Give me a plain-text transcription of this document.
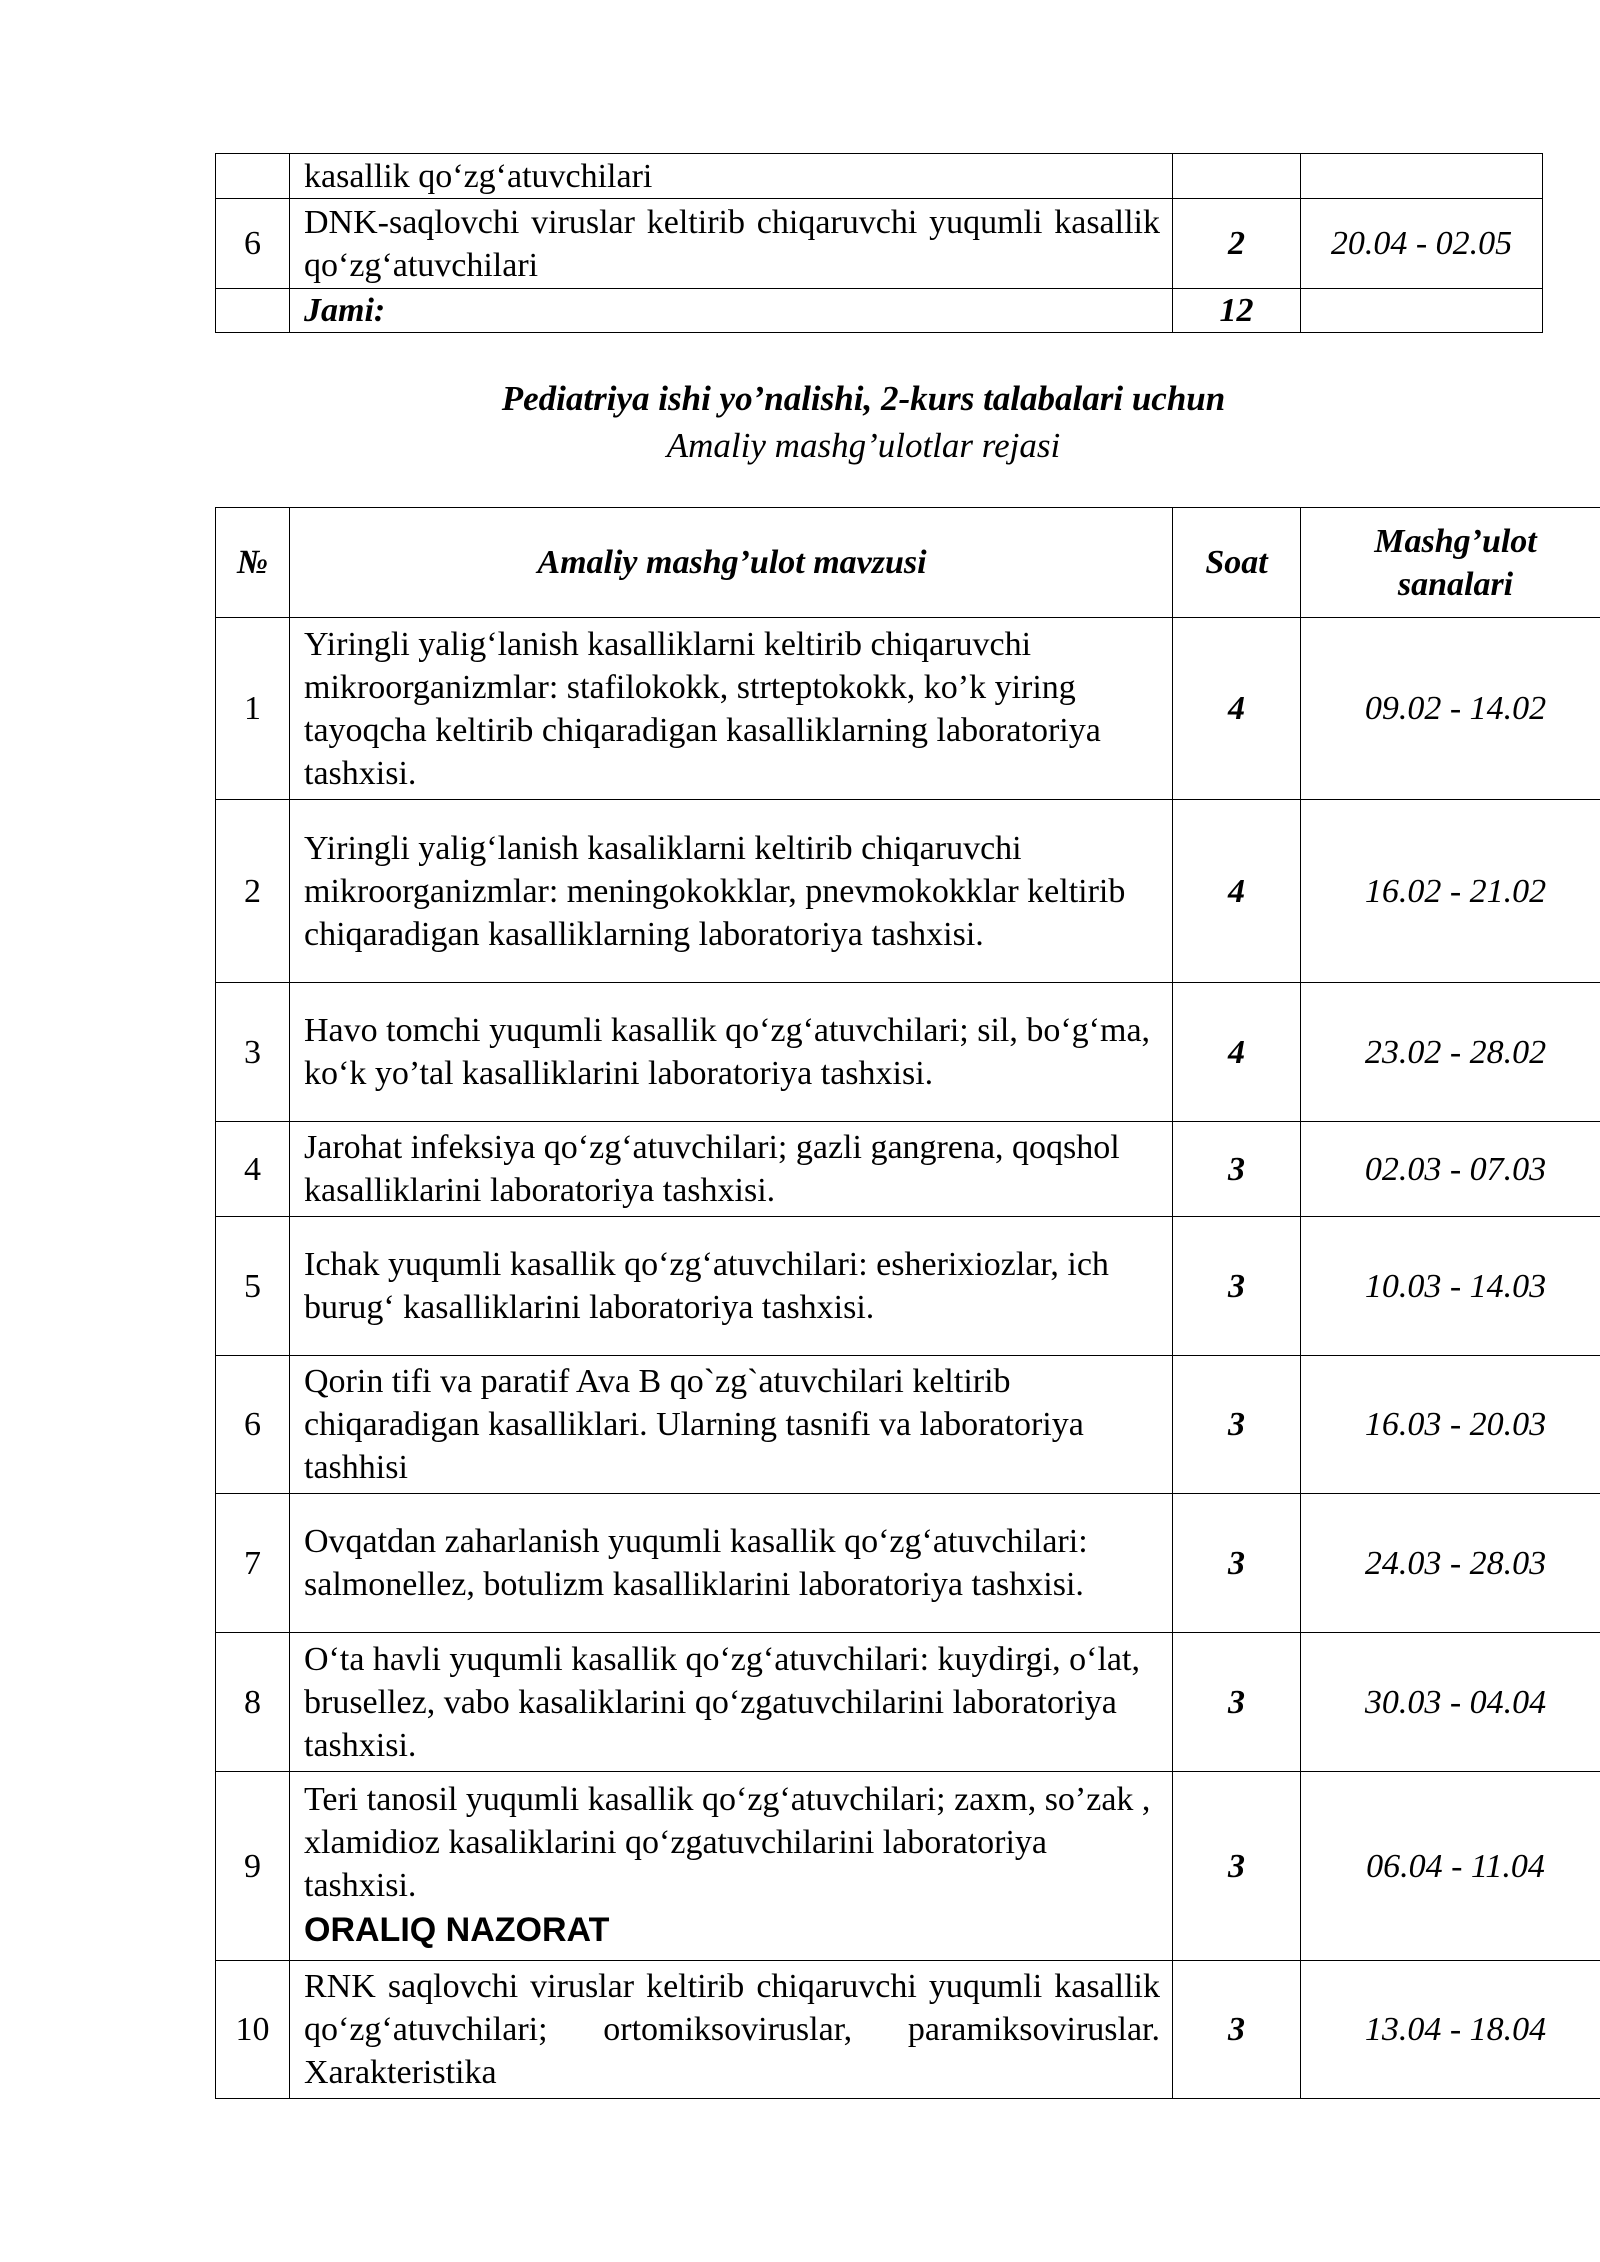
	kasallik qo‘zg‘atuvchilari		
6	DNK-saqlovchi viruslar keltirib chiqaruvchi yuqumli kasallik qo‘zg‘atuvchilari	2	20.04 - 02.05
	Jami:	12	
Pediatriya ishi yo’nalishi, 2-kurs talabalari uchun
Amaliy mashg’ulotlar rejasi
№	Amaliy mashg’ulot mavzusi	Soat	Mashg’ulot sanalari
1	Yiringli yalig‘lanish kasalliklarni keltirib chiqaruvchi mikroorganizmlar: stafilokokk, strteptokokk, ko’k yiring tayoqcha keltirib chiqaradigan kasalliklarning laboratoriya tashxisi.	4	09.02 - 14.02
2	Yiringli yalig‘lanish kasaliklarni keltirib chiqaruvchi mikroorganizmlar: meningokokklar, pnevmokokklar keltirib chiqaradigan kasalliklarning laboratoriya tashxisi.	4	16.02 - 21.02
3	Havo tomchi yuqumli kasallik qo‘zg‘atuvchilari; sil, bo‘g‘ma, ko‘k yo’tal kasalliklarini laboratoriya tashxisi.	4	23.02 - 28.02
4	Jarohat infeksiya qo‘zg‘atuvchilari; gazli gangrena, qoqshol kasalliklarini laboratoriya tashxisi.	3	02.03 - 07.03
5	Ichak yuqumli kasallik qo‘zg‘atuvchilari: esherixiozlar, ich burug‘ kasalliklarini laboratoriya tashxisi.	3	10.03 - 14.03
6	Qorin tifi va paratif Ava B qo`zg`atuvchilari keltirib chiqaradigan kasalliklari. Ularning tasnifi va laboratoriya tashhisi	3	16.03 - 20.03
7	Ovqatdan zaharlanish yuqumli kasallik qo‘zg‘atuvchilari: salmonellez, botulizm kasalliklarini laboratoriya tashxisi.	3	24.03 - 28.03
8	O‘ta havli yuqumli kasallik qo‘zg‘atuvchilari: kuydirgi, o‘lat, brusellez, vabo kasaliklarini qo‘zgatuvchilarini laboratoriya tashxisi.	3	30.03 - 04.04
9	Teri tanosil yuqumli kasallik qo‘zg‘atuvchilari; zaxm, so’zak , xlamidioz kasaliklarini qo‘zgatuvchilarini laboratoriya tashxisi.
ORALIQ NAZORAT	3	06.04 - 11.04
10	RNK saqlovchi viruslar keltirib chiqaruvchi yuqumli kasallik qo‘zg‘atuvchilari; ortomiksoviruslar, paramiksoviruslar. Xarakteristika	3	13.04 - 18.04
